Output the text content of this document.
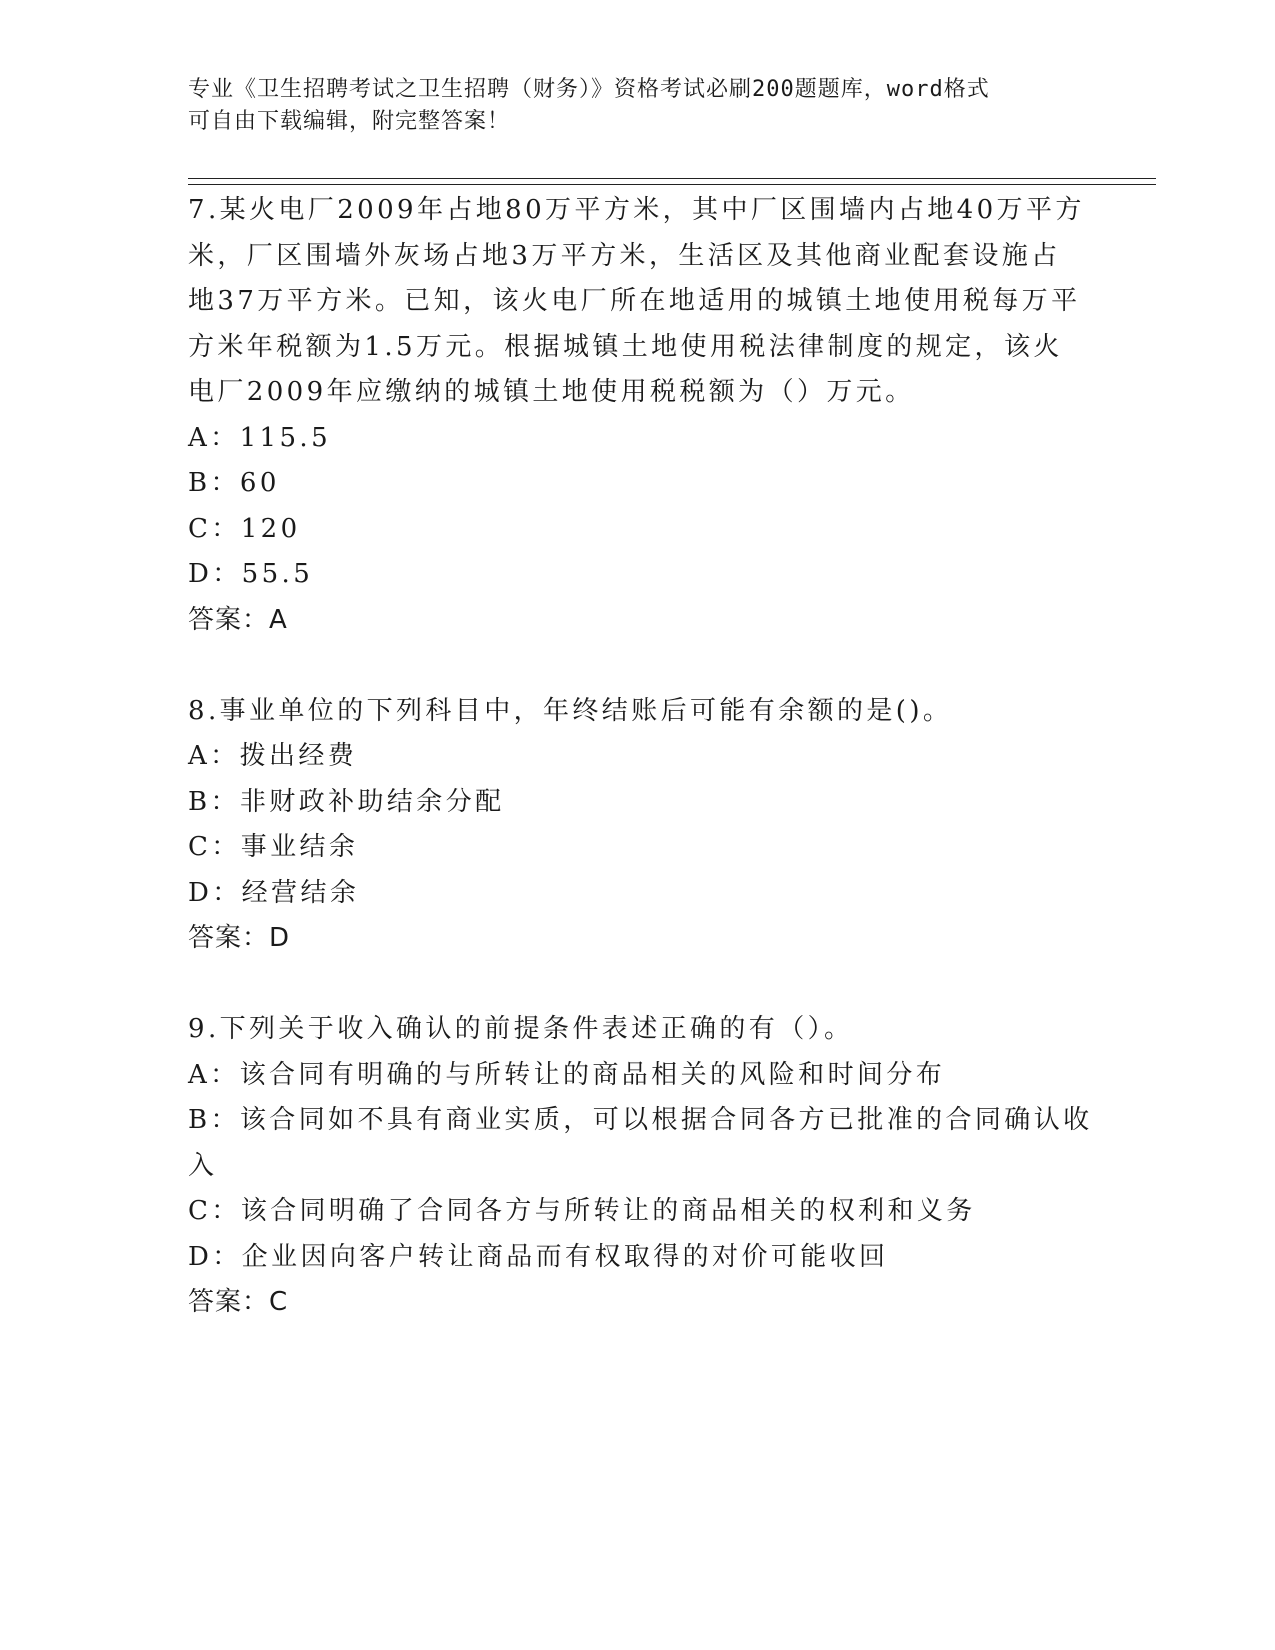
专业《卫生招聘考试之卫生招聘（财务）》资格考试必刷200题题库，word格式
可自由下载编辑，附完整答案！
7.某火电厂2009年占地80万平方米，其中厂区围墙内占地40万平方
米，厂区围墙外灰场占地3万平方米，生活区及其他商业配套设施占
地37万平方米。已知，该火电厂所在地适用的城镇土地使用税每万平
方米年税额为1.5万元。根据城镇土地使用税法律制度的规定，该火
电厂2009年应缴纳的城镇土地使用税税额为（）万元。
A：115.5
B：60
C：120
D：55.5
答案：A
8.事业单位的下列科目中，年终结账后可能有余额的是()。
A：拨出经费
B：非财政补助结余分配
C：事业结余
D：经营结余
答案：D
9.下列关于收入确认的前提条件表述正确的有（）。
A：该合同有明确的与所转让的商品相关的风险和时间分布
B：该合同如不具有商业实质，可以根据合同各方已批准的合同确认收
入
C：该合同明确了合同各方与所转让的商品相关的权利和义务
D：企业因向客户转让商品而有权取得的对价可能收回
答案：C
